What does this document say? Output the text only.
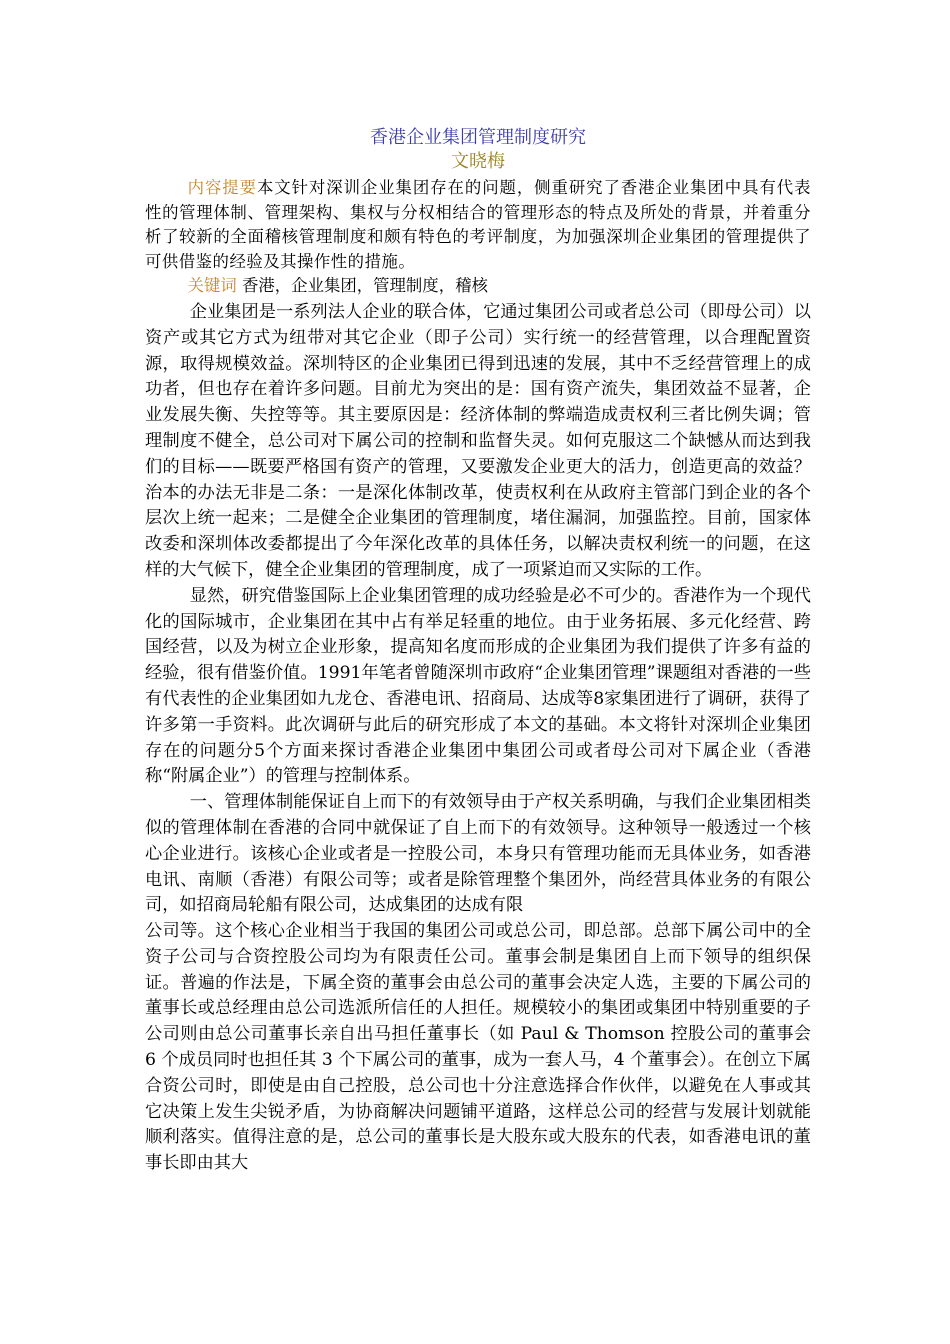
香港企业集团管理制度研究
文晓梅

内容提要本文针对深训企业集团存在的问题，侧重研究了香港企业集团中具有代表性的管理体制、管理架构、集权与分权相结合的管理形态的特点及所处的背景，并着重分析了较新的全面稽核管理制度和颇有特色的考评制度，为加强深圳企业集团的管理提供了可供借鉴的经验及其操作性的措施。

关键词 香港，企业集团，管理制度，稽核

企业集团是一系列法人企业的联合体，它通过集团公司或者总公司（即母公司）以资产或其它方式为纽带对其它企业（即子公司）实行统一的经营管理，以合理配置资源，取得规模效益。深圳特区的企业集团已得到迅速的发展，其中不乏经营管理上的成功者，但也存在着许多问题。目前尤为突出的是：国有资产流失，集团效益不显著，企业发展失衡、失控等等。其主要原因是：经济体制的弊端造成责权利三者比例失调；管理制度不健全，总公司对下属公司的控制和监督失灵。如何克服这二个缺憾从而达到我们的目标——既要严格国有资产的管理，又要激发企业更大的活力，创造更高的效益？治本的办法无非是二条：一是深化体制改革，使责权利在从政府主管部门到企业的各个层次上统一起来；二是健全企业集团的管理制度，堵住漏洞，加强监控。目前，国家体改委和深圳体改委都提出了今年深化改革的具体任务，以解决责权利统一的问题，在这样的大气候下，健全企业集团的管理制度，成了一项紧迫而又实际的工作。

显然，研究借鉴国际上企业集团管理的成功经验是必不可少的。香港作为一个现代化的国际城市，企业集团在其中占有举足轻重的地位。由于业务拓展、多元化经营、跨国经营，以及为树立企业形象，提高知名度而形成的企业集团为我们提供了许多有益的经验，很有借鉴价值。1991年笔者曾随深圳市政府“企业集团管理”课题组对香港的一些有代表性的企业集团如九龙仓、香港电讯、招商局、达成等8家集团进行了调研，获得了许多第一手资料。此次调研与此后的研究形成了本文的基础。本文将针对深圳企业集团存在的问题分5个方面来探讨香港企业集团中集团公司或者母公司对下属企业（香港称“附属企业”）的管理与控制体系。

一、管理体制能保证自上而下的有效领导由于产权关系明确，与我们企业集团相类似的管理体制在香港的合同中就保证了自上而下的有效领导。这种领导一般透过一个核心企业进行。该核心企业或者是一控股公司，本身只有管理功能而无具体业务，如香港电讯、南顺（香港）有限公司等；或者是除管理整个集团外，尚经营具体业务的有限公司，如招商局轮船有限公司，达成集团的达成有限

公司等。这个核心企业相当于我国的集团公司或总公司，即总部。总部下属公司中的全资子公司与合资控股公司均为有限责任公司。董事会制是集团自上而下领导的组织保证。普遍的作法是，下属全资的董事会由总公司的董事会决定人选，主要的下属公司的董事长或总经理由总公司选派所信任的人担任。规模较小的集团或集团中特别重要的子公司则由总公司董事长亲自出马担任董事长（如 Paul & Thomson 控股公司的董事会 6 个成员同时也担任其 3 个下属公司的董事，成为一套人马，4 个董事会）。在创立下属合资公司时，即使是由自己控股，总公司也十分注意选择合作伙伴，以避免在人事或其它决策上发生尖锐矛盾，为协商解决问题铺平道路，这样总公司的经营与发展计划就能顺利落实。值得注意的是，总公司的董事长是大股东或大股东的代表，如香港电讯的董事长即由其大
